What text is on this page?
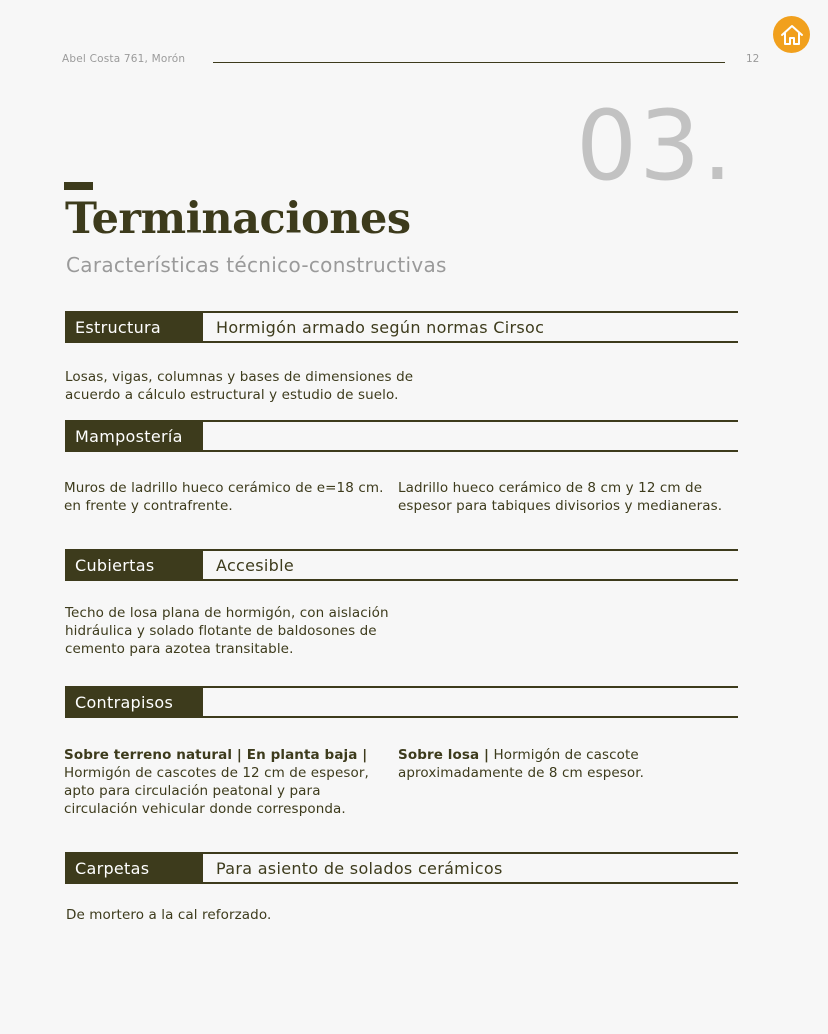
Abel Costa 761, Morón	12
03.
Terminaciones
Características técnico-constructivas
Estructura	Hormigón armado según normas Cirsoc
Losas, vigas, columnas y bases de dimensiones de
acuerdo a cálculo estructural y estudio de suelo.
Mampostería
Muros de ladrillo hueco cerámico de e=18 cm.
en frente y contrafrente.
Ladrillo hueco cerámico de 8 cm y 12 cm de
espesor para tabiques divisorios y medianeras.
Cubiertas	Accesible
Techo de losa plana de hormigón, con aislación
hidráulica y solado flotante de baldosones de
cemento para azotea transitable.
Contrapisos
Sobre terreno natural | En planta baja |
Hormigón de cascotes de 12 cm de espesor,
apto para circulación peatonal y para
circulación vehicular donde corresponda.
Sobre losa | Hormigón de cascote
aproximadamente de 8 cm espesor.
Carpetas	Para asiento de solados cerámicos
De mortero a la cal reforzado.
